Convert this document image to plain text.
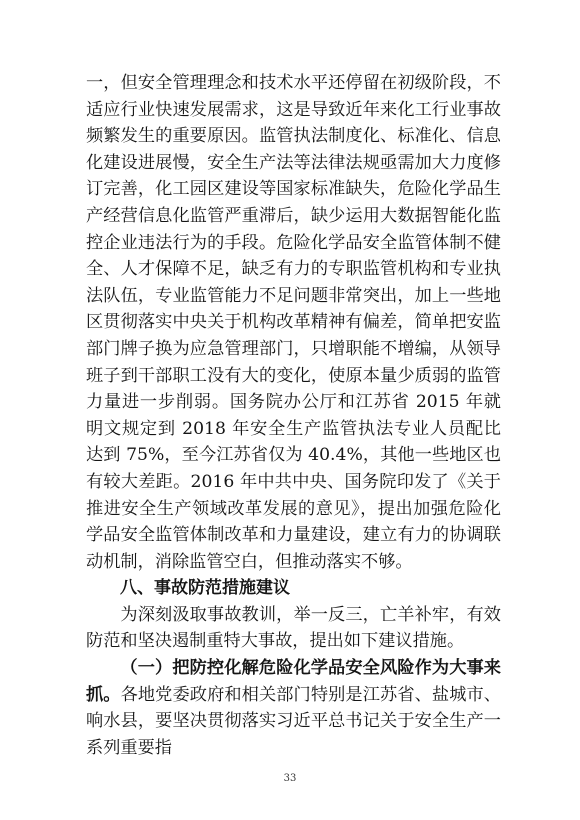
一，但安全管理理念和技术水平还停留在初级阶段，不适应行业快速发展需求，这是导致近年来化工行业事故频繁发生的重要原因。监管执法制度化、标准化、信息化建设进展慢，安全生产法等法律法规亟需加大力度修订完善，化工园区建设等国家标准缺失，危险化学品生产经营信息化监管严重滞后，缺少运用大数据智能化监控企业违法行为的手段。危险化学品安全监管体制不健全、人才保障不足，缺乏有力的专职监管机构和专业执法队伍，专业监管能力不足问题非常突出，加上一些地区贯彻落实中央关于机构改革精神有偏差，简单把安监部门牌子换为应急管理部门，只增职能不增编，从领导班子到干部职工没有大的变化，使原本量少质弱的监管力量进一步削弱。国务院办公厅和江苏省 2015 年就明文规定到 2018 年安全生产监管执法专业人员配比达到 75%，至今江苏省仅为 40.4%，其他一些地区也有较大差距。2016 年中共中央、国务院印发了《关于推进安全生产领域改革发展的意见》，提出加强危险化学品安全监管体制改革和力量建设，建立有力的协调联动机制，消除监管空白，但推动落实不够。

八、事故防范措施建议

为深刻汲取事故教训，举一反三，亡羊补牢，有效防范和坚决遏制重特大事故，提出如下建议措施。

（一）把防控化解危险化学品安全风险作为大事来抓。各地党委政府和相关部门特别是江苏省、盐城市、响水县，要坚决贯彻落实习近平总书记关于安全生产一系列重要指

33
